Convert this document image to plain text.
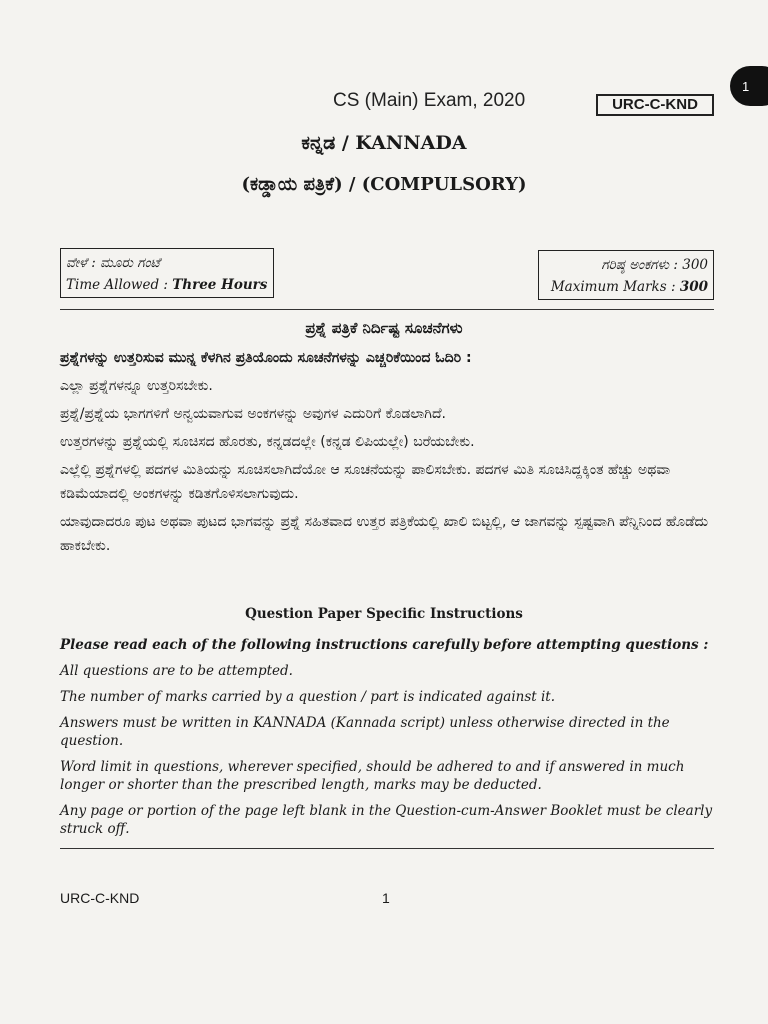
1
CS (Main) Exam, 2020	URC-C-KND
ಕನ್ನಡ / KANNADA
(ಕಡ್ಡಾಯ ಪತ್ರಿಕೆ) / (COMPULSORY)
ವೇಳೆ : ಮೂರು ಗಂಟೆ
Time Allowed : Three Hours
ಗರಿಷ್ಠ ಅಂಕಗಳು : 300
Maximum Marks : 300
ಪ್ರಶ್ನೆ ಪತ್ರಿಕೆ ನಿರ್ದಿಷ್ಟ ಸೂಚನೆಗಳು

ಪ್ರಶ್ನೆಗಳನ್ನು ಉತ್ತರಿಸುವ ಮುನ್ನ ಕೆಳಗಿನ ಪ್ರತಿಯೊಂದು ಸೂಚನೆಗಳನ್ನು ಎಚ್ಚರಿಕೆಯಿಂದ ಓದಿರಿ :

ಎಲ್ಲಾ ಪ್ರಶ್ನೆಗಳನ್ನೂ ಉತ್ತರಿಸಬೇಕು.

ಪ್ರಶ್ನೆ/ಪ್ರಶ್ನೆಯ ಭಾಗಗಳಿಗೆ ಅನ್ವಯವಾಗುವ ಅಂಕಗಳನ್ನು ಅವುಗಳ ಎದುರಿಗೆ ಕೊಡಲಾಗಿದೆ.

ಉತ್ತರಗಳನ್ನು ಪ್ರಶ್ನೆಯಲ್ಲಿ ಸೂಚಿಸದ ಹೊರತು, ಕನ್ನಡದಲ್ಲೇ (ಕನ್ನಡ ಲಿಪಿಯಲ್ಲೇ) ಬರೆಯಬೇಕು.

ಎಲ್ಲೆಲ್ಲಿ ಪ್ರಶ್ನೆಗಳಲ್ಲಿ ಪದಗಳ ಮಿತಿಯನ್ನು ಸೂಚಿಸಲಾಗಿದೆಯೋ ಆ ಸೂಚನೆಯನ್ನು ಪಾಲಿಸಬೇಕು. ಪದಗಳ ಮಿತಿ ಸೂಚಿಸಿದ್ದಕ್ಕಿಂತ ಹೆಚ್ಚು ಅಥವಾ ಕಡಿಮೆಯಾದಲ್ಲಿ ಅಂಕಗಳನ್ನು ಕಡಿತಗೊಳಿಸಲಾಗುವುದು.

ಯಾವುದಾದರೂ ಪುಟ ಅಥವಾ ಪುಟದ ಭಾಗವನ್ನು ಪ್ರಶ್ನೆ ಸಹಿತವಾದ ಉತ್ತರ ಪತ್ರಿಕೆಯಲ್ಲಿ ಖಾಲಿ ಬಿಟ್ಟಲ್ಲಿ, ಆ ಜಾಗವನ್ನು ಸ್ಪಷ್ಟವಾಗಿ ಪೆನ್ನಿನಿಂದ ಹೊಡೆದು ಹಾಕಬೇಕು.

Question Paper Specific Instructions

Please read each of the following instructions carefully before attempting questions :

All questions are to be attempted.

The number of marks carried by a question / part is indicated against it.

Answers must be written in KANNADA (Kannada script) unless otherwise directed in the question.

Word limit in questions, wherever specified, should be adhered to and if answered in much longer or shorter than the prescribed length, marks may be deducted.

Any page or portion of the page left blank in the Question-cum-Answer Booklet must be clearly struck off.

URC-C-KND	1
